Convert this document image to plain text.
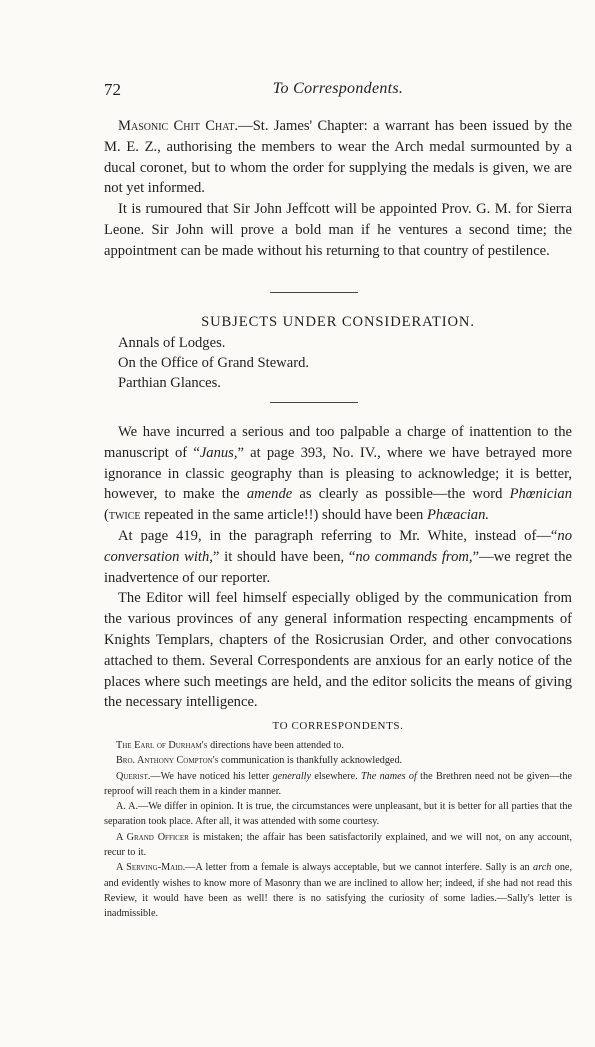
72	To Correspondents.

Masonic Chit Chat.—St. James' Chapter: a warrant has been issued by the M. E. Z., authorising the members to wear the Arch medal surmounted by a ducal coronet, but to whom the order for supplying the medals is given, we are not yet informed.

It is rumoured that Sir John Jeffcott will be appointed Prov. G. M. for Sierra Leone. Sir John will prove a bold man if he ventures a second time; the appointment can be made without his returning to that country of pestilence.

SUBJECTS UNDER CONSIDERATION.
Annals of Lodges.
On the Office of Grand Steward.
Parthian Glances.

We have incurred a serious and too palpable a charge of inattention to the manuscript of “Janus,” at page 393, No. IV., where we have betrayed more ignorance in classic geography than is pleasing to acknowledge; it is better, however, to make the amende as clearly as possible—the word Phœnician (twice repeated in the same article!!) should have been Phæacian.

At page 419, in the paragraph referring to Mr. White, instead of—“no conversation with,” it should have been, “no commands from,”—we regret the inadvertence of our reporter.

The Editor will feel himself especially obliged by the communication from the various provinces of any general information respecting encampments of Knights Templars, chapters of the Rosicrusian Order, and other convocations attached to them. Several Correspondents are anxious for an early notice of the places where such meetings are held, and the editor solicits the means of giving the necessary intelligence.

TO CORRESPONDENTS.

The Earl of Durham's directions have been attended to.

Bro. Anthony Compton's communication is thankfully acknowledged.

Querist.—We have noticed his letter generally elsewhere. The names of the Brethren need not be given—the reproof will reach them in a kinder manner.

A. A.—We differ in opinion. It is true, the circumstances were unpleasant, but it is better for all parties that the separation took place. After all, it was attended with some courtesy.

A Grand Officer is mistaken; the affair has been satisfactorily explained, and we will not, on any account, recur to it.

A Serving-Maid.—A letter from a female is always acceptable, but we cannot interfere. Sally is an arch one, and evidently wishes to know more of Masonry than we are inclined to allow her; indeed, if she had not read this Review, it would have been as well! there is no satisfying the curiosity of some ladies.—Sally's letter is inadmissible.
